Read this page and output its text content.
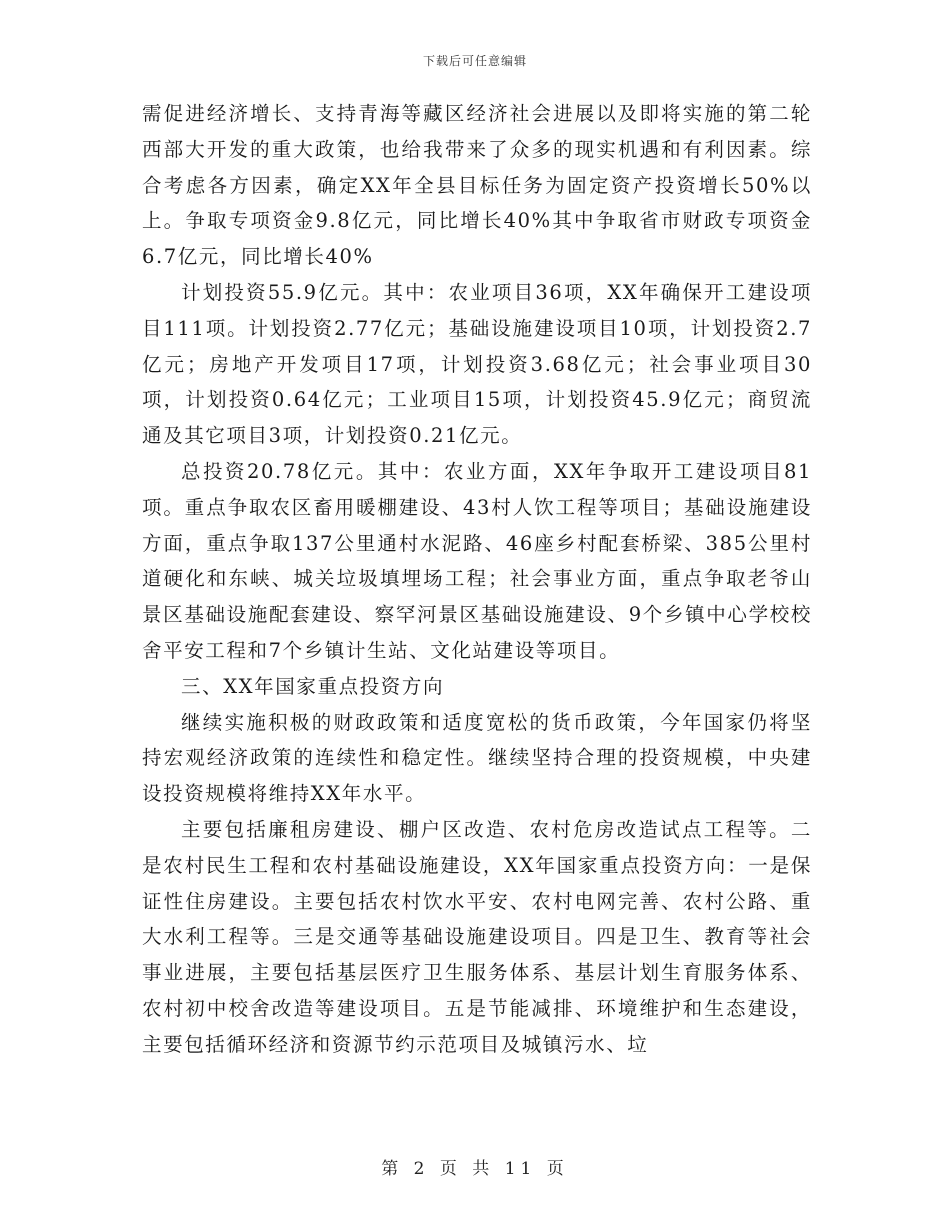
下载后可任意编辑

需促进经济增长、支持青海等藏区经济社会进展以及即将实施的第二轮西部大开发的重大政策，也给我带来了众多的现实机遇和有利因素。综合考虑各方因素，确定XX年全县目标任务为固定资产投资增长50%以上。争取专项资金9.8亿元，同比增长40%其中争取省市财政专项资金6.7亿元，同比增长40%

计划投资55.9亿元。其中：农业项目36项，XX年确保开工建设项目111项。计划投资2.77亿元；基础设施建设项目10项，计划投资2.7亿元；房地产开发项目17项，计划投资3.68亿元；社会事业项目30项，计划投资0.64亿元；工业项目15项，计划投资45.9亿元；商贸流通及其它项目3项，计划投资0.21亿元。

总投资20.78亿元。其中：农业方面，XX年争取开工建设项目81项。重点争取农区畜用暖棚建设、43村人饮工程等项目；基础设施建设方面，重点争取137公里通村水泥路、46座乡村配套桥梁、385公里村道硬化和东峡、城关垃圾填埋场工程；社会事业方面，重点争取老爷山景区基础设施配套建设、察罕河景区基础设施建设、9个乡镇中心学校校舍平安工程和7个乡镇计生站、文化站建设等项目。

三、XX年国家重点投资方向

继续实施积极的财政政策和适度宽松的货币政策，今年国家仍将坚持宏观经济政策的连续性和稳定性。继续坚持合理的投资规模，中央建设投资规模将维持XX年水平。

主要包括廉租房建设、棚户区改造、农村危房改造试点工程等。二是农村民生工程和农村基础设施建设，XX年国家重点投资方向：一是保证性住房建设。主要包括农村饮水平安、农村电网完善、农村公路、重大水利工程等。三是交通等基础设施建设项目。四是卫生、教育等社会事业进展，主要包括基层医疗卫生服务体系、基层计划生育服务体系、农村初中校舍改造等建设项目。五是节能减排、环境维护和生态建设，主要包括循环经济和资源节约示范项目及城镇污水、垃

第 2 页 共 11 页
